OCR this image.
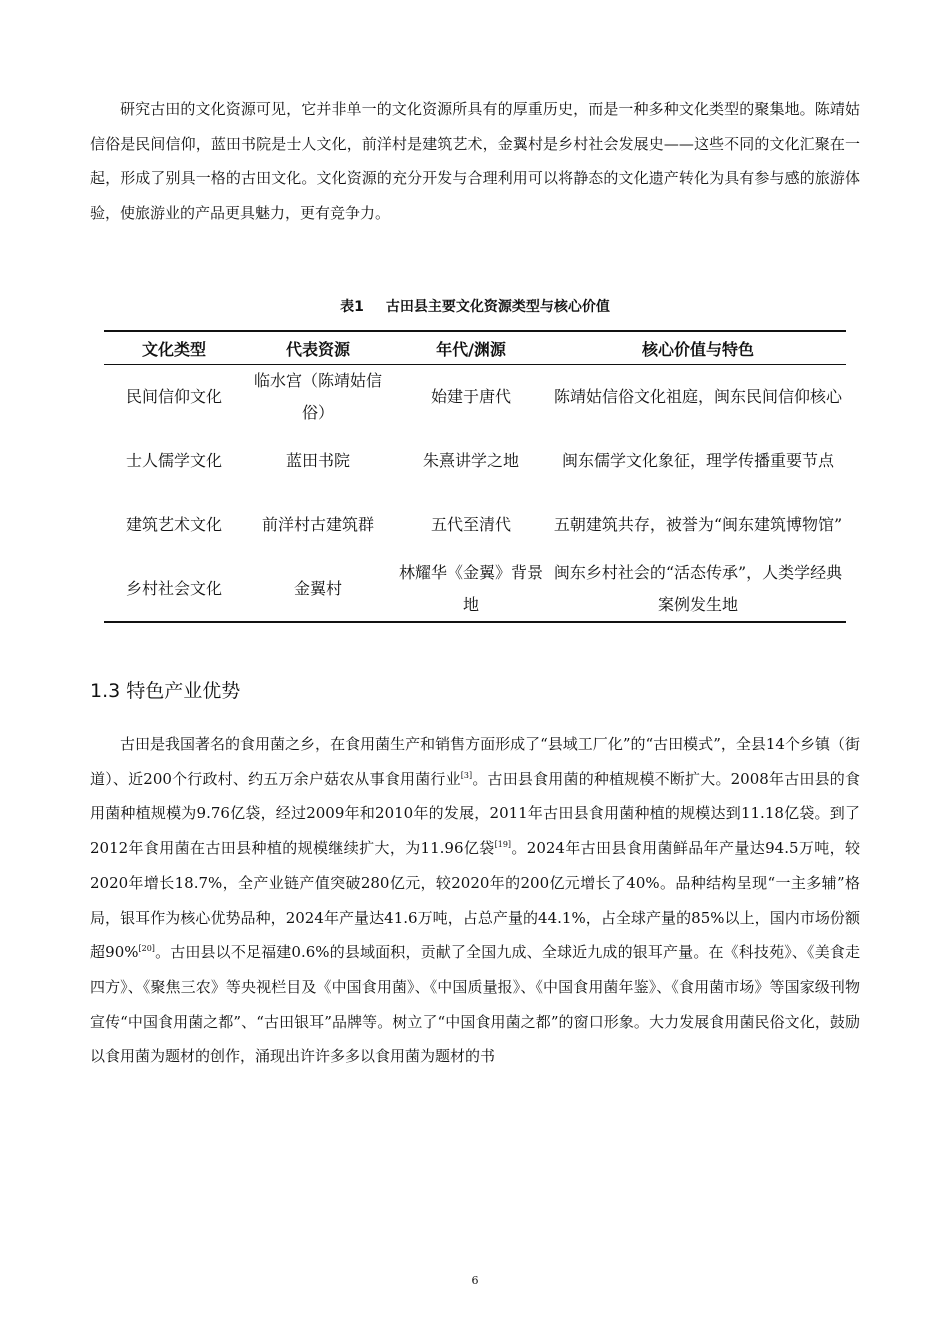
研究古田的文化资源可见，它并非单一的文化资源所具有的厚重历史，而是一种多种文化类型的聚集地。陈靖姑信俗是民间信仰，蓝田书院是士人文化，前洋村是建筑艺术，金翼村是乡村社会发展史——这些不同的文化汇聚在一起，形成了别具一格的古田文化。文化资源的充分开发与合理利用可以将静态的文化遗产转化为具有参与感的旅游体验，使旅游业的产品更具魅力，更有竞争力。

表1 古田县主要文化资源类型与核心价值
文化类型	代表资源	年代/渊源	核心价值与特色
民间信仰文化	临水宫（陈靖姑信俗）	始建于唐代	陈靖姑信俗文化祖庭，闽东民间信仰核心
士人儒学文化	蓝田书院	朱熹讲学之地	闽东儒学文化象征，理学传播重要节点
建筑艺术文化	前洋村古建筑群	五代至清代	五朝建筑共存，被誉为“闽东建筑博物馆”
乡村社会文化	金翼村	林耀华《金翼》背景地	闽东乡村社会的“活态传承”，人类学经典案例发生地
1.3 特色产业优势

古田是我国著名的食用菌之乡，在食用菌生产和销售方面形成了“县域工厂化”的“古田模式”，全县14个乡镇（街道）、近200个行政村、约五万余户菇农从事食用菌行业[3]。古田县食用菌的种植规模不断扩大。2008年古田县的食用菌种植规模为9.76亿袋，经过2009年和2010年的发展，2011年古田县食用菌种植的规模达到11.18亿袋。到了2012年食用菌在古田县种植的规模继续扩大，为11.96亿袋[19]。2024年古田县食用菌鲜品年产量达94.5万吨，较2020年增长18.7%，全产业链产值突破280亿元，较2020年的200亿元增长了40%。品种结构呈现“一主多辅”格局，银耳作为核心优势品种，2024年产量达41.6万吨，占总产量的44.1%，占全球产量的85%以上，国内市场份额超90%[20]。古田县以不足福建0.6%的县域面积，贡献了全国九成、全球近九成的银耳产量。在《科技苑》、《美食走四方》、《聚焦三农》等央视栏目及《中国食用菌》、《中国质量报》、《中国食用菌年鉴》、《食用菌市场》等国家级刊物宣传“中国食用菌之都”、“古田银耳”品牌等。树立了“中国食用菌之都”的窗口形象。大力发展食用菌民俗文化，鼓励以食用菌为题材的创作，涌现出许许多多以食用菌为题材的书

6
